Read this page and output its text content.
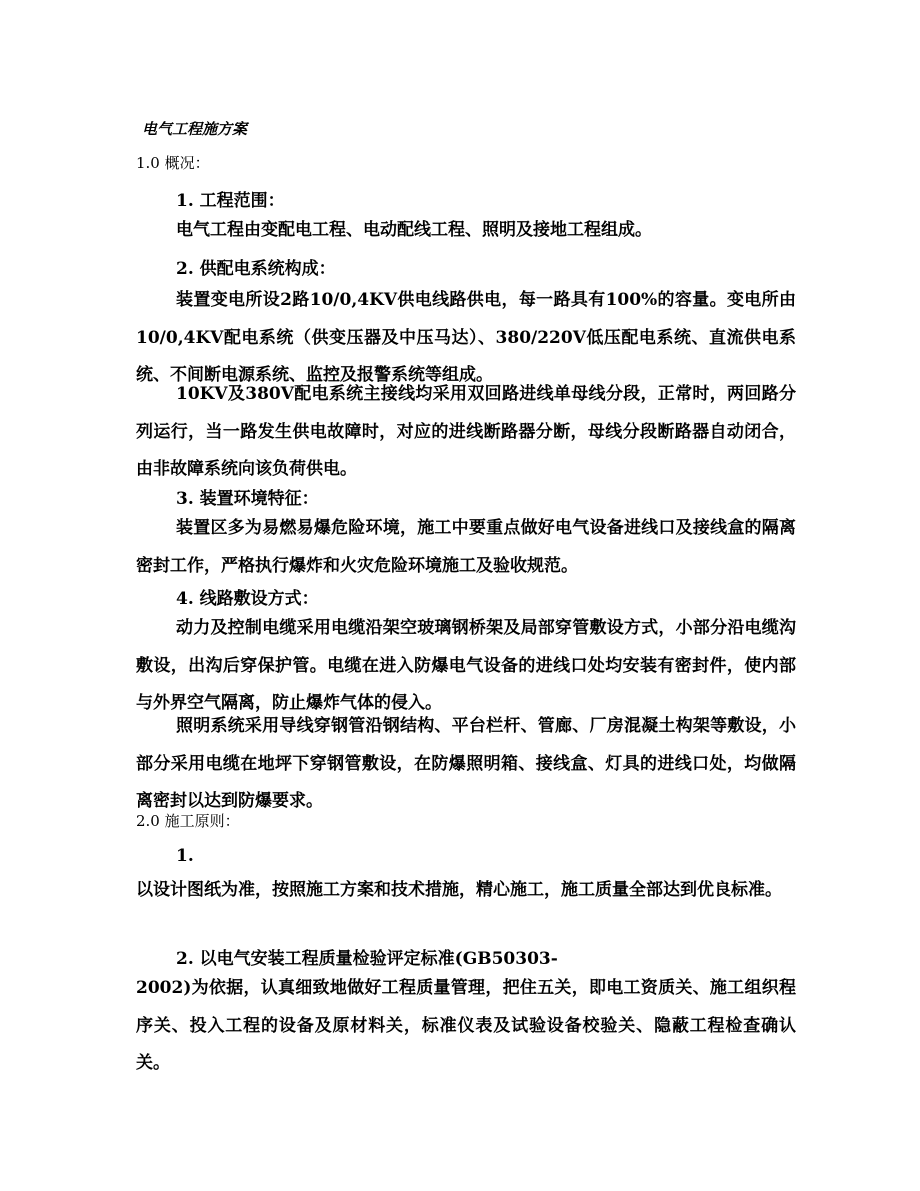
电气工程施方案
1.0 概况：
1. 工程范围：

电气工程由变配电工程、电动配线工程、照明及接地工程组成。

2. 供配电系统构成：

装置变电所设2路10/0,4KV供电线路供电，每一路具有100%的容量。变电所由10/0,4KV配电系统（供变压器及中压马达）、380/220V低压配电系统、直流供电系统、不间断电源系统、监控及报警系统等组成。

10KV及380V配电系统主接线均采用双回路进线单母线分段，正常时，两回路分列运行，当一路发生供电故障时，对应的进线断路器分断，母线分段断路器自动闭合，由非故障系统向该负荷供电。

3. 装置环境特征：

装置区多为易燃易爆危险环境，施工中要重点做好电气设备进线口及接线盒的隔离密封工作，严格执行爆炸和火灾危险环境施工及验收规范。

4. 线路敷设方式：

动力及控制电缆采用电缆沿架空玻璃钢桥架及局部穿管敷设方式，小部分沿电缆沟敷设，出沟后穿保护管。电缆在进入防爆电气设备的进线口处均安装有密封件，使内部与外界空气隔离，防止爆炸气体的侵入。

照明系统采用导线穿钢管沿钢结构、平台栏杆、管廊、厂房混凝土构架等敷设，小部分采用电缆在地坪下穿钢管敷设，在防爆照明箱、接线盒、灯具的进线口处，均做隔离密封以达到防爆要求。

2.0 施工原则：
1.

以设计图纸为准，按照施工方案和技术措施，精心施工，施工质量全部达到优良标准。

2. 以电气安装工程质量检验评定标准(GB50303-

2002)为依据，认真细致地做好工程质量管理，把住五关，即电工资质关、施工组织程序关、投入工程的设备及原材料关，标准仪表及试验设备校验关、隐蔽工程检查确认关。
